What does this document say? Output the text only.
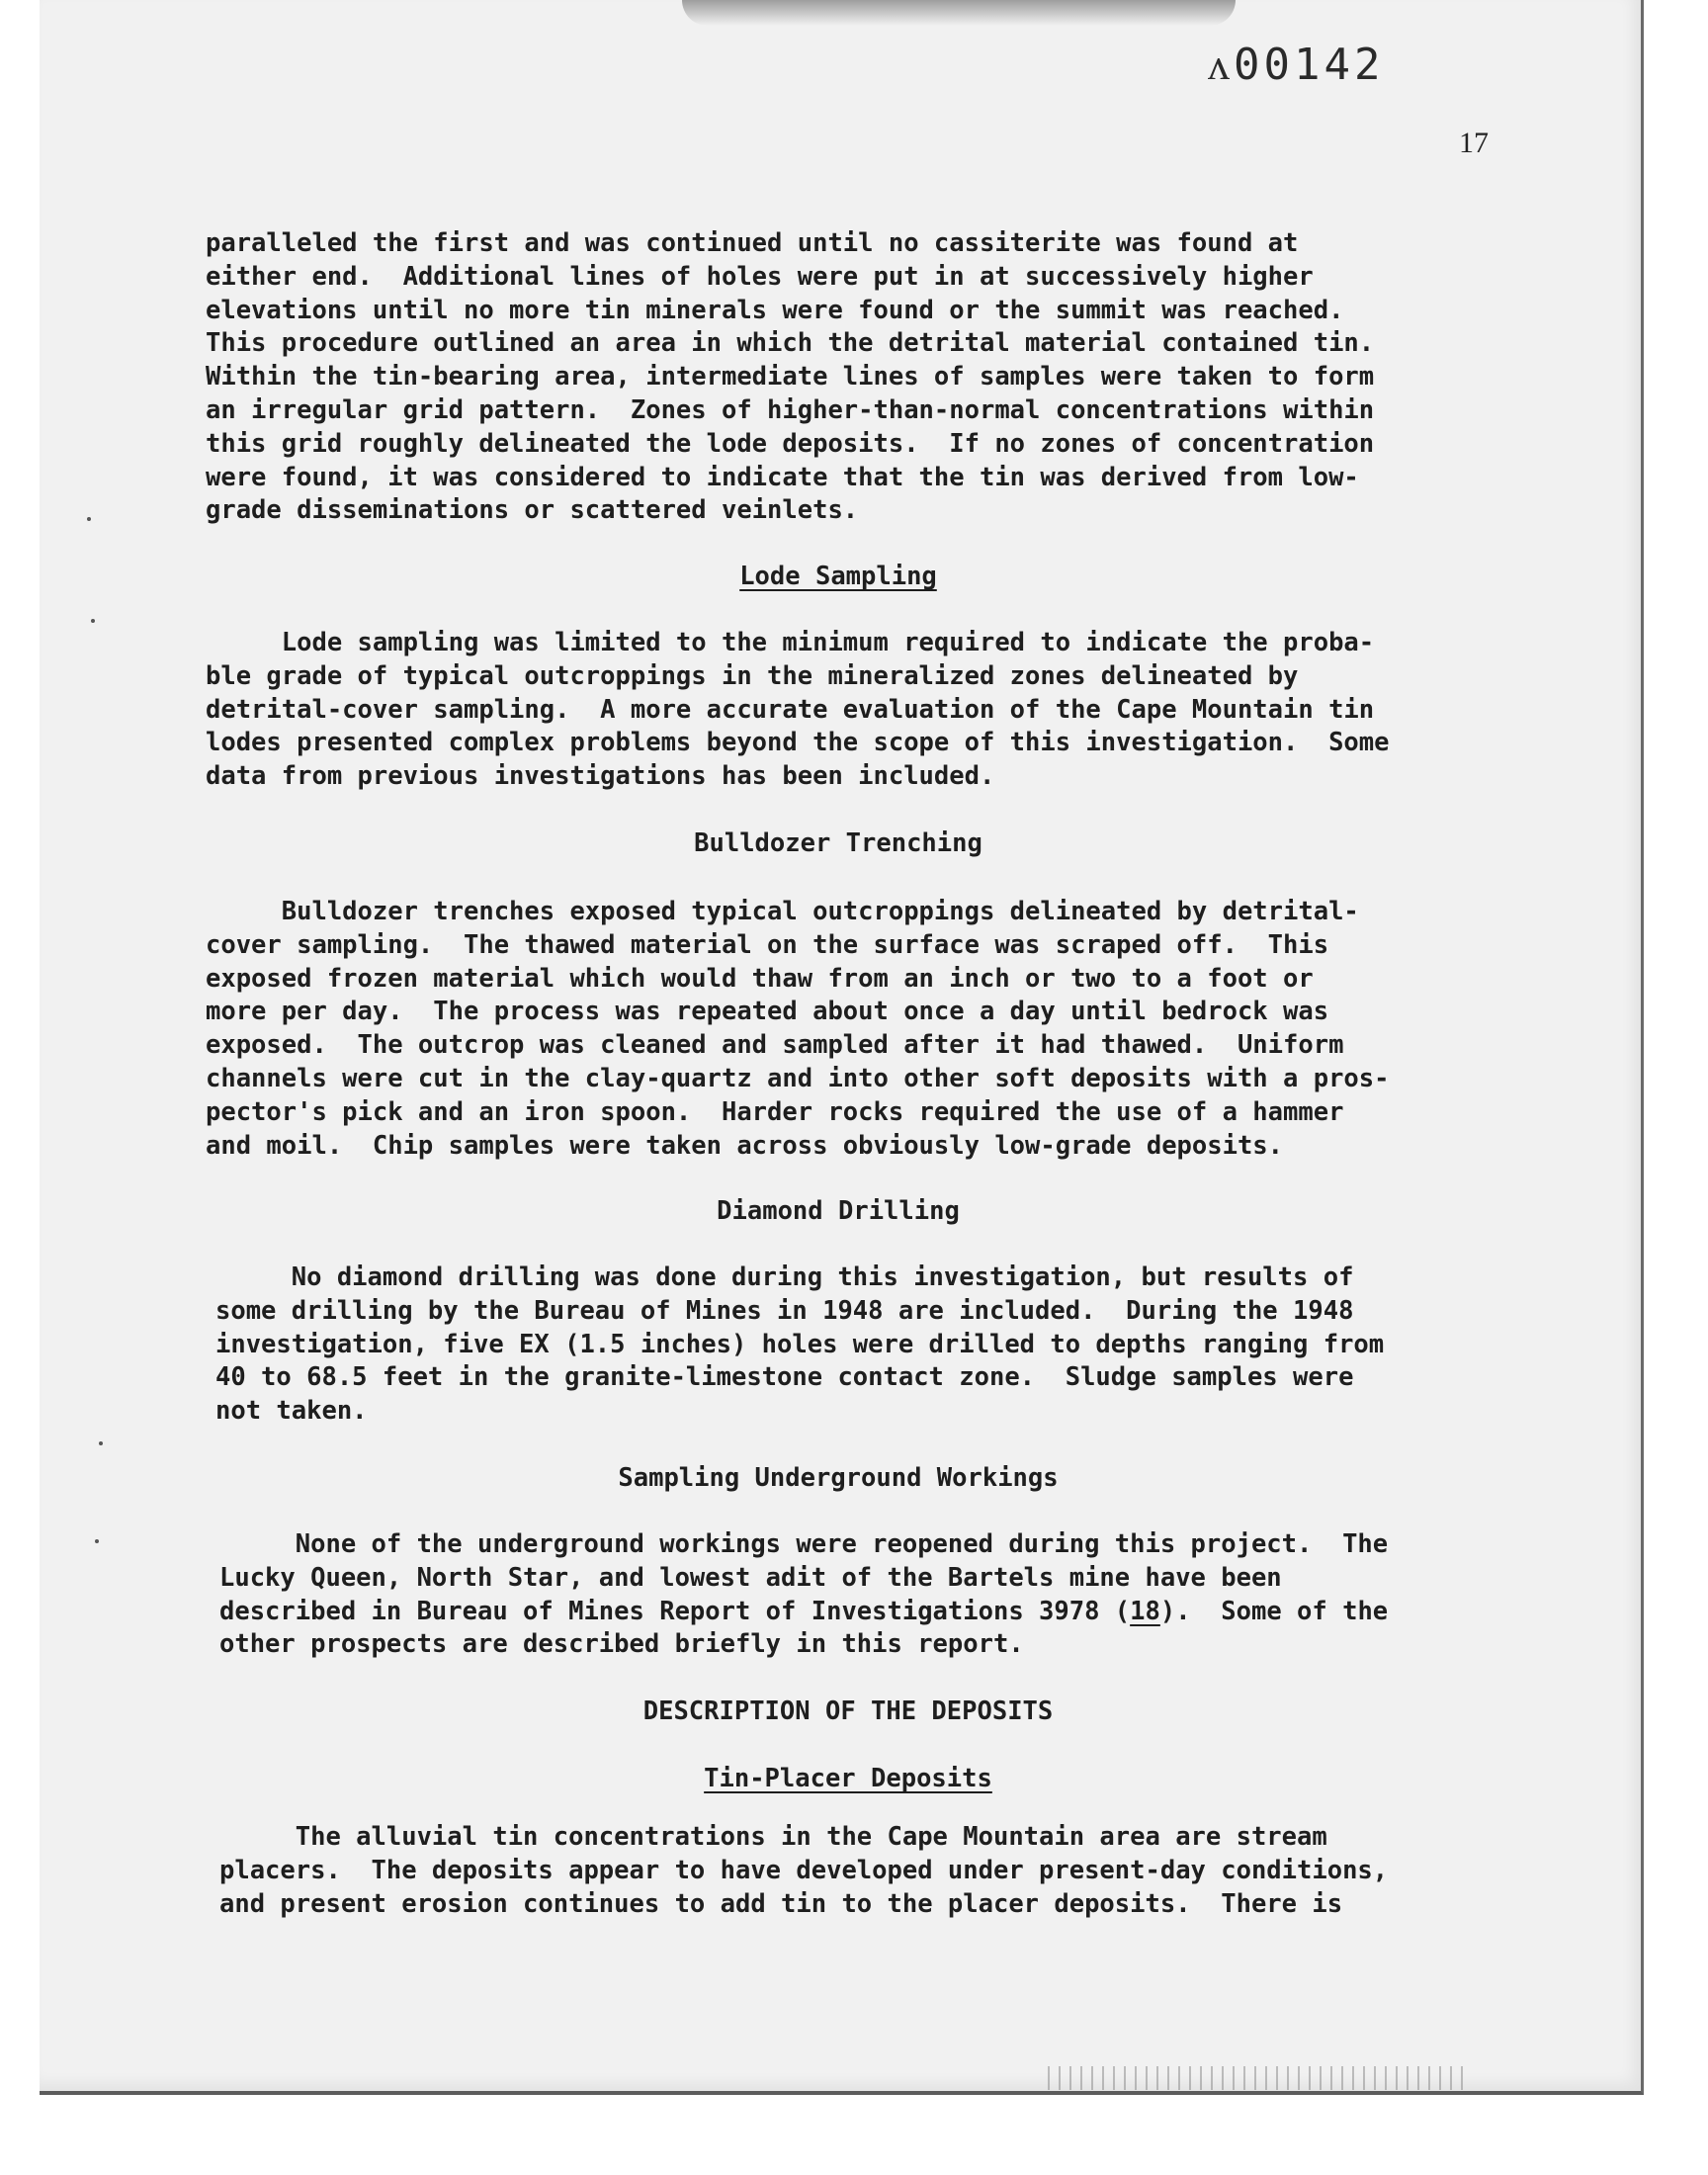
ᴧ00142
17

paralleled the first and was continued until no cassiterite was found at

either end.  Additional lines of holes were put in at successively higher

elevations until no more tin minerals were found or the summit was reached.

This procedure outlined an area in which the detrital material contained tin.

Within the tin-bearing area, intermediate lines of samples were taken to form

an irregular grid pattern.  Zones of higher-than-normal concentrations within

this grid roughly delineated the lode deposits.  If no zones of concentration

were found, it was considered to indicate that the tin was derived from low-

grade disseminations or scattered veinlets.

Lode Sampling

Lode sampling was limited to the minimum required to indicate the proba-

ble grade of typical outcroppings in the mineralized zones delineated by

detrital-cover sampling.  A more accurate evaluation of the Cape Mountain tin

lodes presented complex problems beyond the scope of this investigation.  Some

data from previous investigations has been included.

Bulldozer Trenching

Bulldozer trenches exposed typical outcroppings delineated by detrital-

cover sampling.  The thawed material on the surface was scraped off.  This

exposed frozen material which would thaw from an inch or two to a foot or

more per day.  The process was repeated about once a day until bedrock was

exposed.  The outcrop was cleaned and sampled after it had thawed.  Uniform

channels were cut in the clay-quartz and into other soft deposits with a pros-

pector's pick and an iron spoon.  Harder rocks required the use of a hammer

and moil.  Chip samples were taken across obviously low-grade deposits.

Diamond Drilling

No diamond drilling was done during this investigation, but results of

some drilling by the Bureau of Mines in 1948 are included.  During the 1948

investigation, five EX (1.5 inches) holes were drilled to depths ranging from

40 to 68.5 feet in the granite-limestone contact zone.  Sludge samples were

not taken.

Sampling Underground Workings

None of the underground workings were reopened during this project.  The

Lucky Queen, North Star, and lowest adit of the Bartels mine have been

described in Bureau of Mines Report of Investigations 3978 (18).  Some of the

other prospects are described briefly in this report.

DESCRIPTION OF THE DEPOSITS

Tin-Placer Deposits

The alluvial tin concentrations in the Cape Mountain area are stream

placers.  The deposits appear to have developed under present-day conditions,

and present erosion continues to add tin to the placer deposits.  There is
